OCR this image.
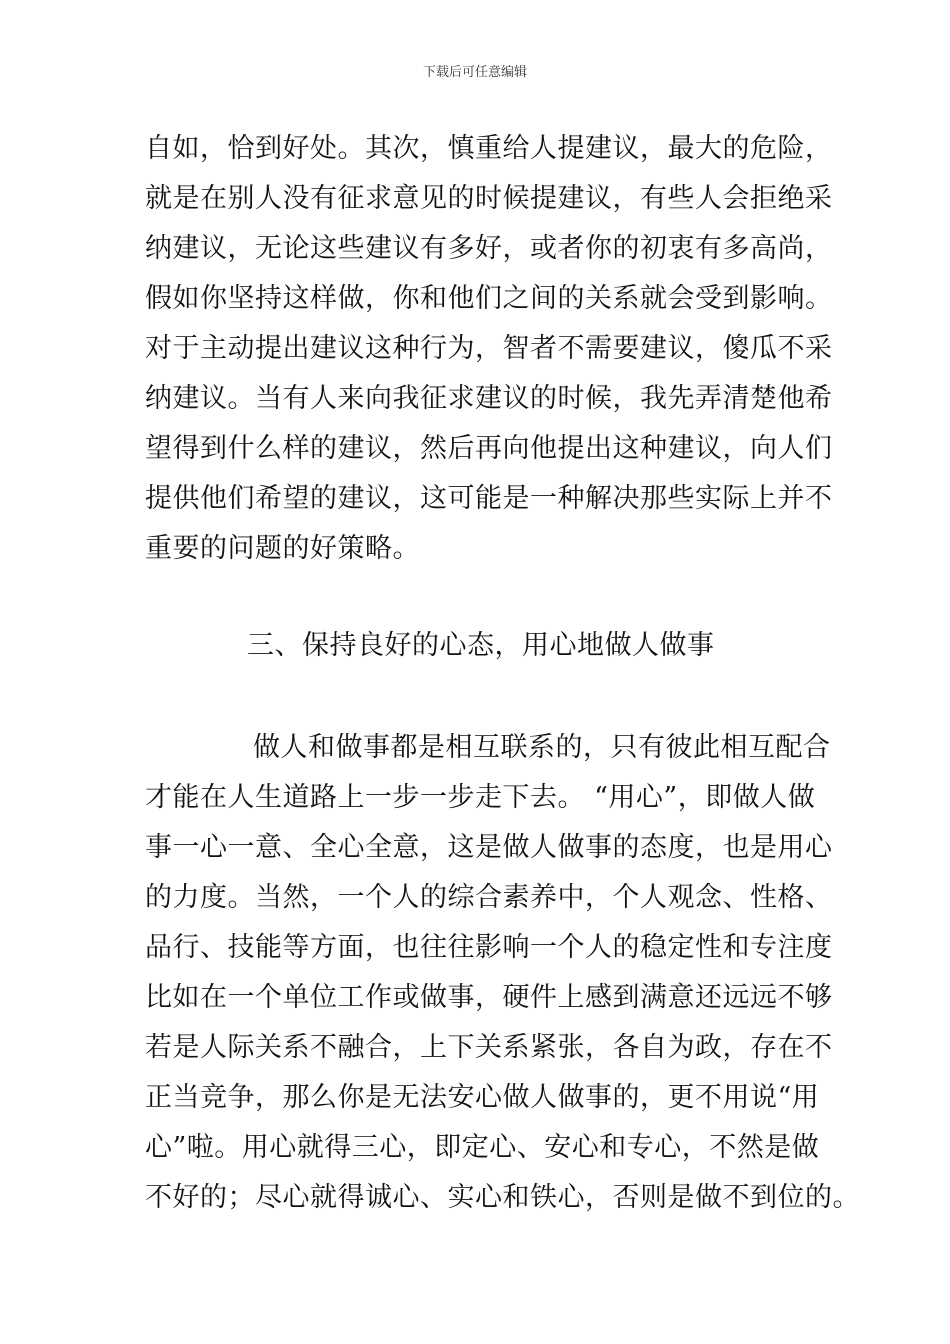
下载后可任意编辑
自如，恰到好处。其次，慎重给人提建议，最大的危险，
就是在别人没有征求意见的时候提建议，有些人会拒绝采
纳建议，无论这些建议有多好，或者你的初衷有多高尚，
假如你坚持这样做，你和他们之间的关系就会受到影响。
对于主动提出建议这种行为，智者不需要建议，傻瓜不采
纳建议。当有人来向我征求建议的时候，我先弄清楚他希
望得到什么样的建议，然后再向他提出这种建议，向人们
提供他们希望的建议，这可能是一种解决那些实际上并不
重要的问题的好策略。
三、保持良好的心态，用心地做人做事
做人和做事都是相互联系的，只有彼此相互配合
才能在人生道路上一步一步走下去。 “用心”，即做人做
事一心一意、全心全意，这是做人做事的态度，也是用心
的力度。当然，一个人的综合素养中，个人观念、性格、
品行、技能等方面，也往往影响一个人的稳定性和专注度
比如在一个单位工作或做事，硬件上感到满意还远远不够
若是人际关系不融合，上下关系紧张，各自为政，存在不
正当竞争，那么你是无法安心做人做事的，更不用说“用
心”啦。用心就得三心，即定心、安心和专心，不然是做
不好的；尽心就得诚心、实心和铁心，否则是做不到位的。
